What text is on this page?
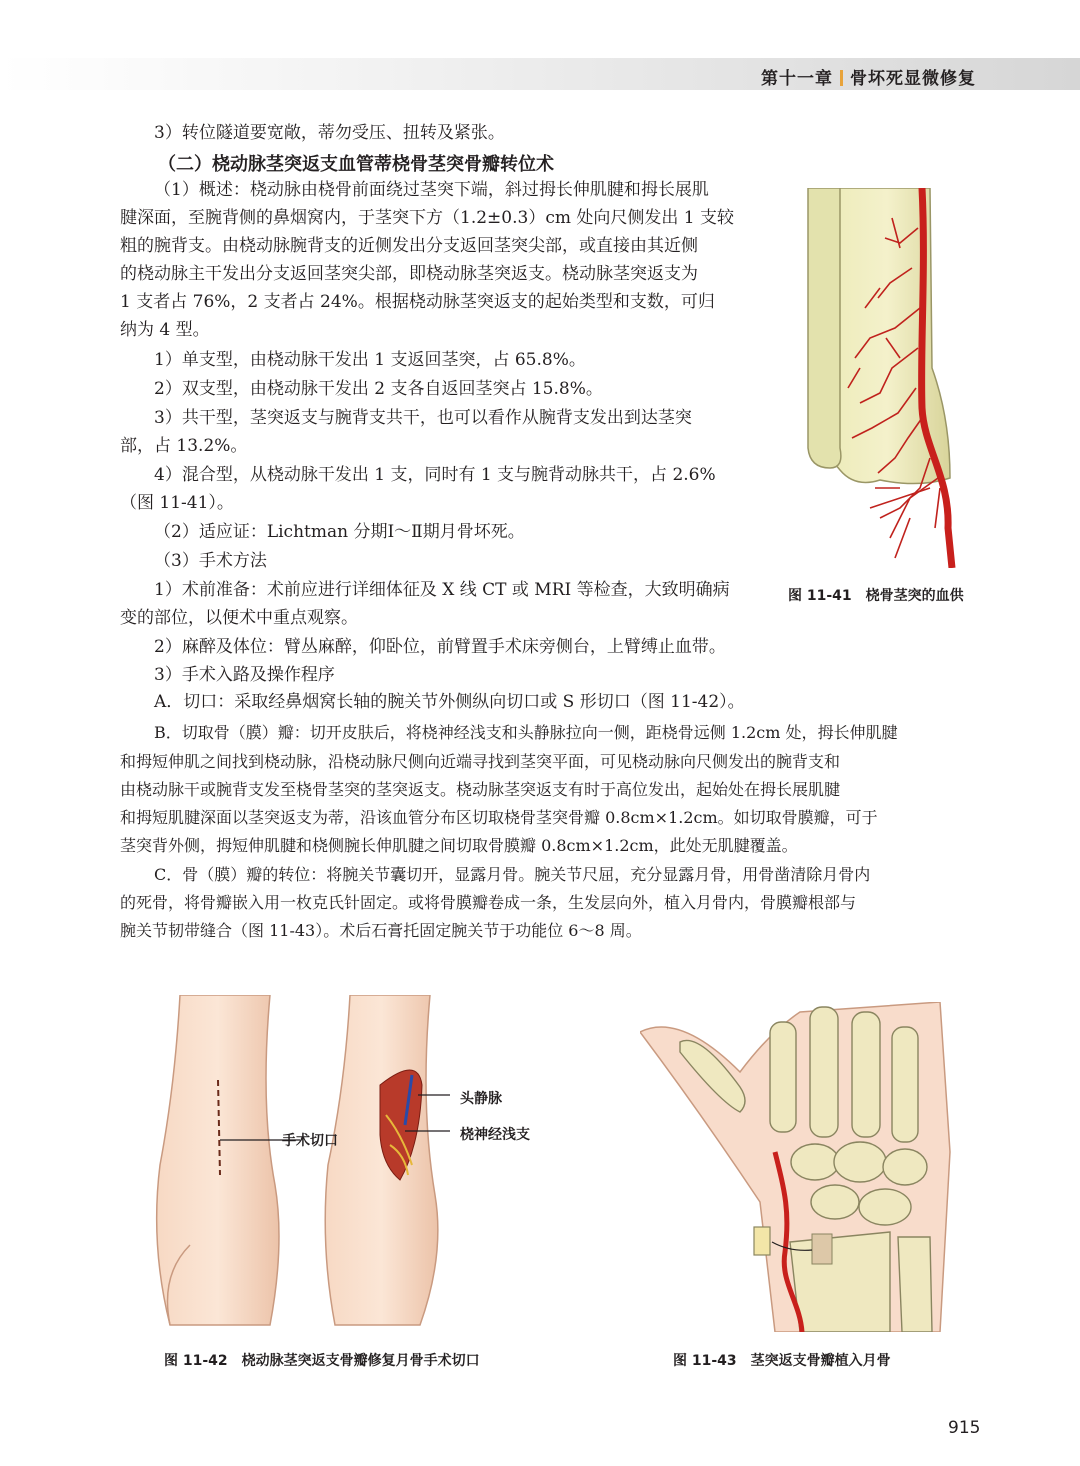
第十一章 骨坏死显微修复
3）转位隧道要宽敞，蒂勿受压、扭转及紧张。
（二）桡动脉茎突返支血管蒂桡骨茎突骨瓣转位术
（1）概述：桡动脉由桡骨前面绕过茎突下端，斜过拇长伸肌腱和拇长展肌
腱深面，至腕背侧的鼻烟窝内，于茎突下方（1.2±0.3）cm 处向尺侧发出 1 支较
粗的腕背支。由桡动脉腕背支的近侧发出分支返回茎突尖部，或直接由其近侧
的桡动脉主干发出分支返回茎突尖部，即桡动脉茎突返支。桡动脉茎突返支为
1 支者占 76%，2 支者占 24%。根据桡动脉茎突返支的起始类型和支数，可归
纳为 4 型。
1）单支型，由桡动脉干发出 1 支返回茎突，占 65.8%。
2）双支型，由桡动脉干发出 2 支各自返回茎突占 15.8%。
3）共干型，茎突返支与腕背支共干，也可以看作从腕背支发出到达茎突
部，占 13.2%。
4）混合型，从桡动脉干发出 1 支，同时有 1 支与腕背动脉共干，占 2.6%
（图 11-41）。
（2）适应证：Lichtman 分期Ⅰ～Ⅱ期月骨坏死。
（3）手术方法
1）术前准备：术前应进行详细体征及 X 线 CT 或 MRI 等检查，大致明确病
变的部位，以便术中重点观察。
2）麻醉及体位：臂丛麻醉，仰卧位，前臂置手术床旁侧台，上臂缚止血带。
3）手术入路及操作程序
A．切口：采取经鼻烟窝长轴的腕关节外侧纵向切口或 S 形切口（图 11-42）。
B．切取骨（膜）瓣：切开皮肤后，将桡神经浅支和头静脉拉向一侧，距桡骨远侧 1.2cm 处，拇长伸肌腱
和拇短伸肌之间找到桡动脉，沿桡动脉尺侧向近端寻找到茎突平面，可见桡动脉向尺侧发出的腕背支和
由桡动脉干或腕背支发至桡骨茎突的茎突返支。桡动脉茎突返支有时于高位发出，起始处在拇长展肌腱
和拇短肌腱深面以茎突返支为蒂，沿该血管分布区切取桡骨茎突骨瓣 0.8cm×1.2cm。如切取骨膜瓣，可于
茎突背外侧，拇短伸肌腱和桡侧腕长伸肌腱之间切取骨膜瓣 0.8cm×1.2cm，此处无肌腱覆盖。
C．骨（膜）瓣的转位：将腕关节囊切开，显露月骨。腕关节尺屈，充分显露月骨，用骨凿清除月骨内
的死骨，将骨瓣嵌入用一枚克氏针固定。或将骨膜瓣卷成一条，生发层向外，植入月骨内，骨膜瓣根部与
腕关节韧带缝合（图 11-43）。术后石膏托固定腕关节于功能位 6～8 周。
图 11-41　桡骨茎突的血供
手术切口
头静脉
桡神经浅支
图 11-42　桡动脉茎突返支骨瓣修复月骨手术切口	图 11-43　茎突返支骨瓣植入月骨
915
